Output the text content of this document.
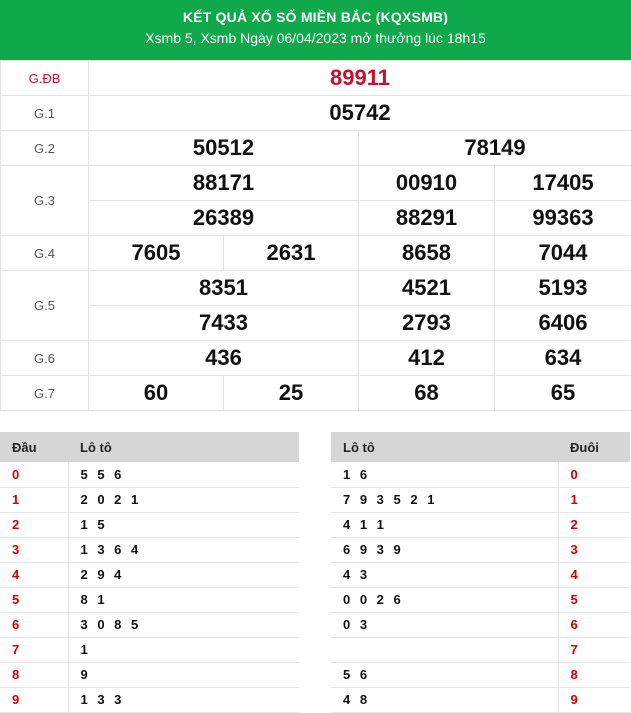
KẾT QUẢ XỔ SỐ MIỀN BẮC (KQXSMB)
Xsmb 5, Xsmb Ngày 06/04/2023 mở thưởng lúc 18h15
G.ĐB	89911			
G.1	05742			
G.2	50512		78149	
G.3	88171		00910	17405
	26389		88291	99363
G.4	7605	2631	8658	7044
G.5	8351		4521	5193
	7433		2793	6406
G.6	436		412	634
G.7	60	25	68	65
Đầu	Lô tô
0	5 5 6
1	2 0 2 1
2	1 5
3	1 3 6 4
4	2 9 4
5	8 1
6	3 0 8 5
7	1
8	9
9	1 3 3
Lô tô	Đuôi
1 6	0
7 9 3 5 2 1	1
4 1 1	2
6 9 3 9	3
4 3	4
0 0 2 6	5
0 3	6
	7
5 6	8
4 8	9
